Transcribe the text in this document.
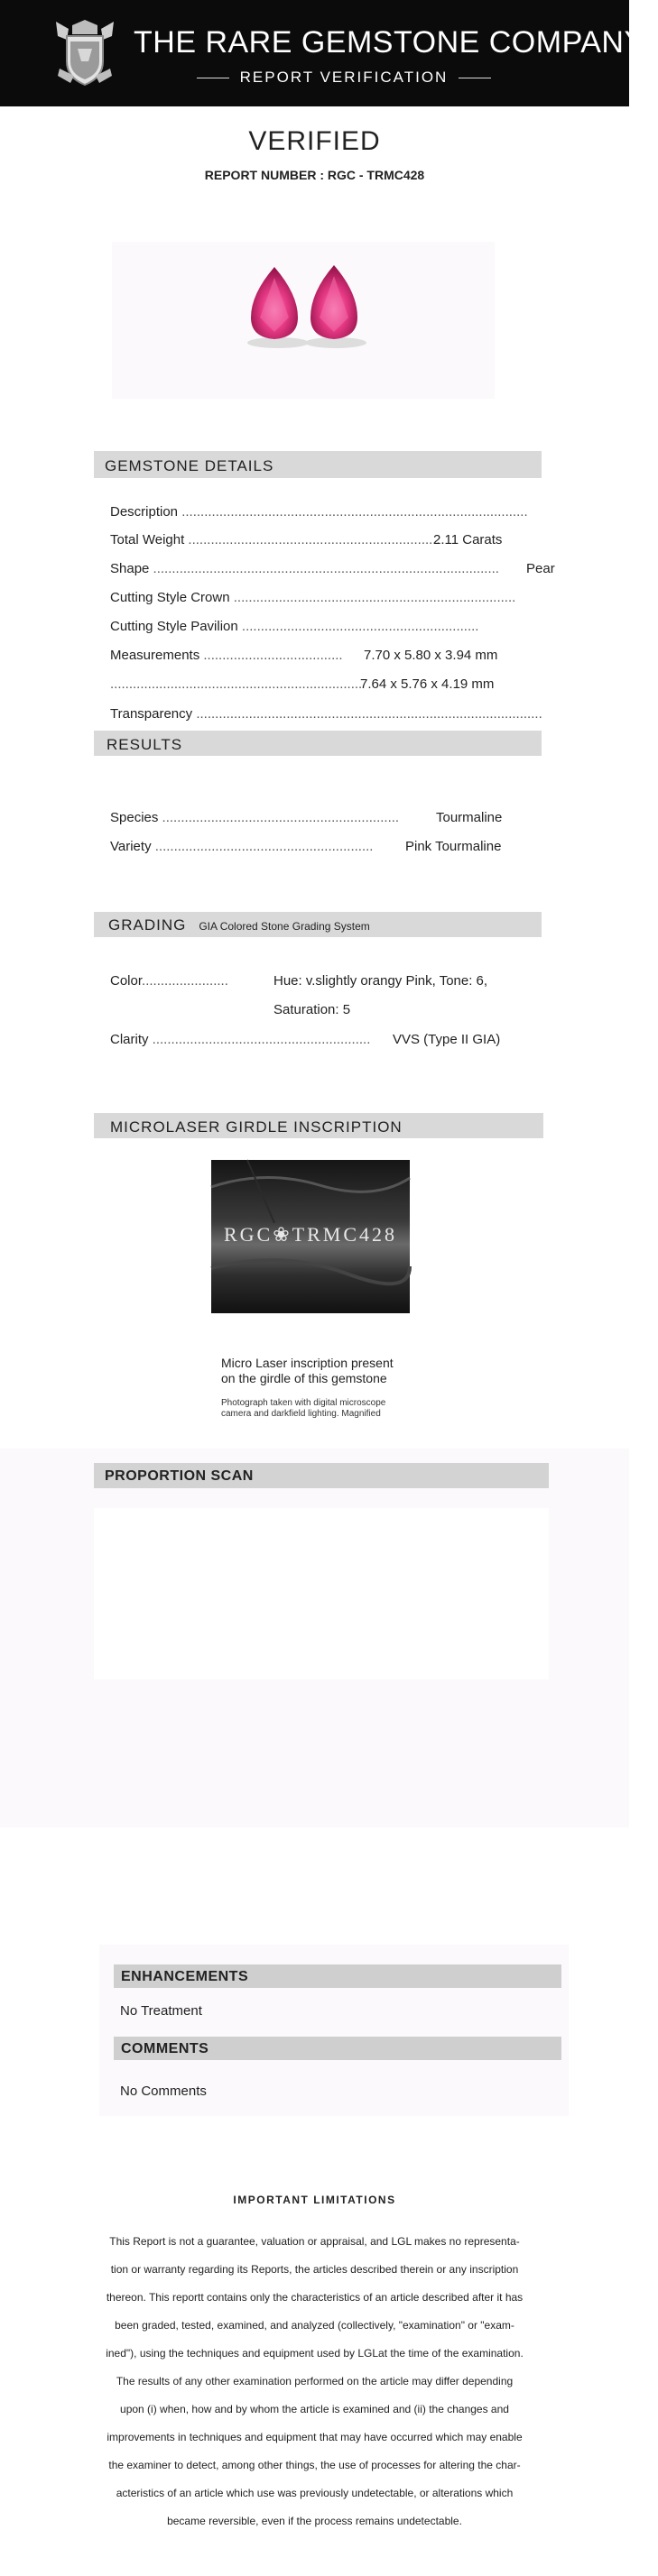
THE RARE GEMSTONE COMPANY ™
REPORT VERIFICATION
VERIFIED
REPORT NUMBER : RGC - TRMC428
GEMSTONE DETAILS
Description ............................................................................................
Total Weight ...................................................................
2.11 Carats
Shape ............................................................................................ Pear
Cutting Style Crown ...........................................................................
Cutting Style Pavilion ...............................................................
Measurements ..................................... 7.70 x 5.80 x 3.94 mm
...................................................................
7.64 x 5.76 x 4.19 mm
Transparency ............................................................................................
RESULTS
Species ...............................................................	Tourmaline
Variety .......................................................... Pink Tourmaline
GRADING GIA Colored Stone Grading System
Color.......................	Hue: v.slightly orangy Pink, Tone: 6,
Saturation: 5
Clarity .......................................................... VVS (Type II GIA)
MICROLASER GIRDLE INSCRIPTION
RGC❀TRMC428
Micro Laser inscription present
on the girdle of this gemstone
Photograph taken with digital microscope
camera and darkfield lighting. Magnified
PROPORTION SCAN
ENHANCEMENTS
No Treatment
COMMENTS
No Comments
IMPORTANT LIMITATIONS
This Report is not a guarantee, valuation or appraisal, and LGL makes no representa-
tion or warranty regarding its Reports, the articles described therein or any inscription
thereon. This reportt contains only the characteristics of an article described after it has
been graded, tested, examined, and analyzed (collectively, "examination" or "exam-
ined"), using the techniques and equipment used by LGLat the time of the examination.
The results of any other examination performed on the article may differ depending
upon (i) when, how and by whom the article is examined and (ii) the changes and
improvements in techniques and equipment that may have occurred which may enable
the examiner to detect, among other things, the use of processes for altering the char-
acteristics of an article which use was previously undetectable, or alterations which
became reversible, even if the process remains undetectable.
